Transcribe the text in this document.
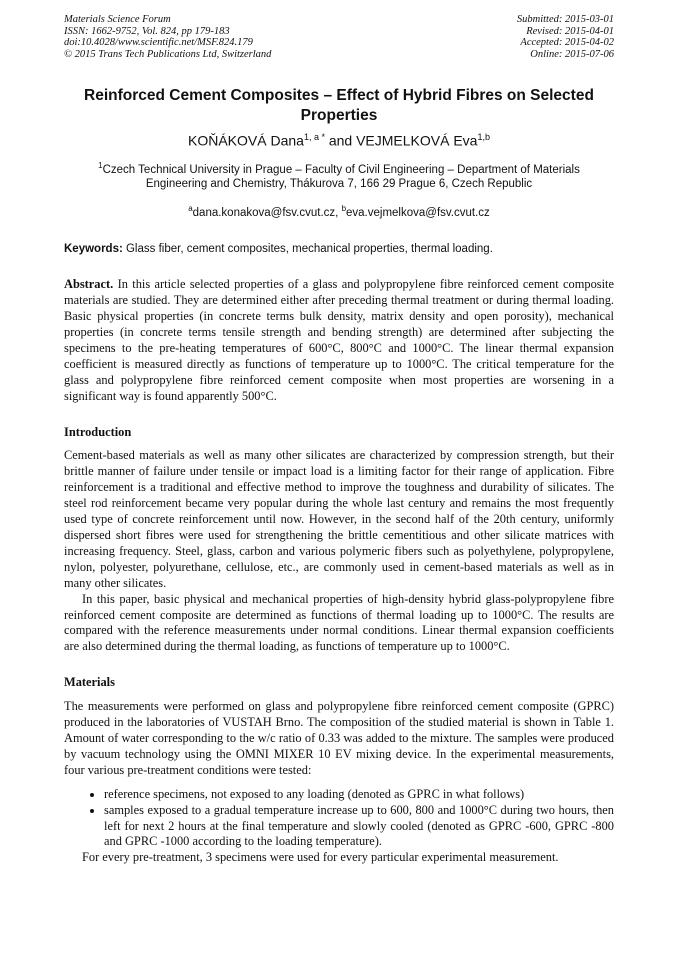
Materials Science Forum
ISSN: 1662-9752, Vol. 824, pp 179-183
doi:10.4028/www.scientific.net/MSF.824.179
© 2015 Trans Tech Publications Ltd, Switzerland
Submitted: 2015-03-01
Revised: 2015-04-01
Accepted: 2015-04-02
Online: 2015-07-06
Reinforced Cement Composites – Effect of Hybrid Fibres on Selected Properties
KOŇÁKOVÁ Dana$^{1, a *}$ and VEJMELKOVÁ Eva$^{1,b}$
$^1$Czech Technical University in Prague – Faculty of Civil Engineering – Department of Materials Engineering and Chemistry, Thákurova 7, 166 29 Prague 6, Czech Republic
$^a$dana.konakova@fsv.cvut.cz, $^b$eva.vejmelkova@fsv.cvut.cz
Keywords: Glass fiber, cement composites, mechanical properties, thermal loading.

Abstract. In this article selected properties of a glass and polypropylene fibre reinforced cement composite materials are studied. They are determined either after preceding thermal treatment or during thermal loading. Basic physical properties (in concrete terms bulk density, matrix density and open porosity), mechanical properties (in concrete terms tensile strength and bending strength) are determined after subjecting the specimens to the pre-heating temperatures of 600°C, 800°C and 1000°C. The linear thermal expansion coefficient is measured directly as functions of temperature up to 1000°C. The critical temperature for the glass and polypropylene fibre reinforced cement composite when most properties are worsening in a significant way is found apparently 500°C.

Introduction

Cement-based materials as well as many other silicates are characterized by compression strength, but their brittle manner of failure under tensile or impact load is a limiting factor for their range of application. Fibre reinforcement is a traditional and effective method to improve the toughness and durability of silicates. The steel rod reinforcement became very popular during the whole last century and remains the most frequently used type of concrete reinforcement until now. However, in the second half of the 20th century, uniformly dispersed short fibres were used for strengthening the brittle cementitious and other silicate matrices with increasing frequency. Steel, glass, carbon and various polymeric fibers such as polyethylene, polypropylene, nylon, polyester, polyurethane, cellulose, etc., are commonly used in cement-based materials as well as in many other silicates.

In this paper, basic physical and mechanical properties of high-density hybrid glass-polypropylene fibre reinforced cement composite are determined as functions of thermal loading up to 1000°C. The results are compared with the reference measurements under normal conditions. Linear thermal expansion coefficients are also determined during the thermal loading, as functions of temperature up to 1000°C.

Materials

The measurements were performed on glass and polypropylene fibre reinforced cement composite (GPRC) produced in the laboratories of VUSTAH Brno. The composition of the studied material is shown in Table 1. Amount of water corresponding to the w/c ratio of 0.33 was added to the mixture. The samples were produced by vacuum technology using the OMNI MIXER 10 EV mixing device. In the experimental measurements, four various pre-treatment conditions were tested:

• reference specimens, not exposed to any loading (denoted as GPRC in what follows)
• samples exposed to a gradual temperature increase up to 600, 800 and 1000°C during two hours, then left for next 2 hours at the final temperature and slowly cooled (denoted as GPRC -600, GPRC -800 and GPRC -1000 according to the loading temperature).

For every pre-treatment, 3 specimens were used for every particular experimental measurement.
